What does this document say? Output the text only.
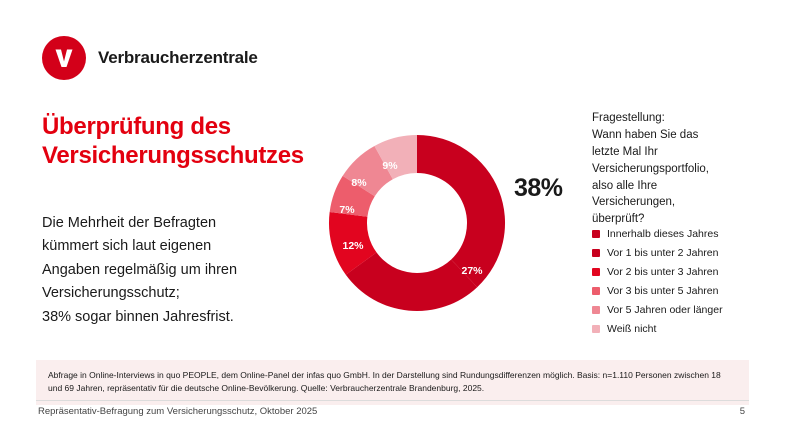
Verbraucherzentrale
Überprüfung des
Versicherungsschutzes
Die Mehrheit der Befragten
kümmert sich laut eigenen
Angaben regelmäßig um ihren
Versicherungsschutz;
38% sogar binnen Jahresfrist.
27%
12%
7%
8%
9%
38%
Fragestellung:
Wann haben Sie das
letzte Mal Ihr
Versicherungsportfolio,
also alle Ihre
Versicherungen,
überprüft?
Innerhalb dieses Jahres
Vor 1 bis unter 2 Jahren
Vor 2 bis unter 3 Jahren
Vor 3 bis unter 5 Jahren
Vor 5 Jahren oder länger
Weiß nicht
Abfrage in Online-Interviews in quo PEOPLE, dem Online-Panel der infas quo GmbH. In der Darstellung sind Rundungsdifferenzen möglich. Basis: n=1.110 Personen zwischen 18
und 69 Jahren, repräsentativ für die deutsche Online-Bevölkerung. Quelle: Verbraucherzentrale Brandenburg, 2025.
Repräsentativ-Befragung zum Versicherungsschutz, Oktober 2025	5
